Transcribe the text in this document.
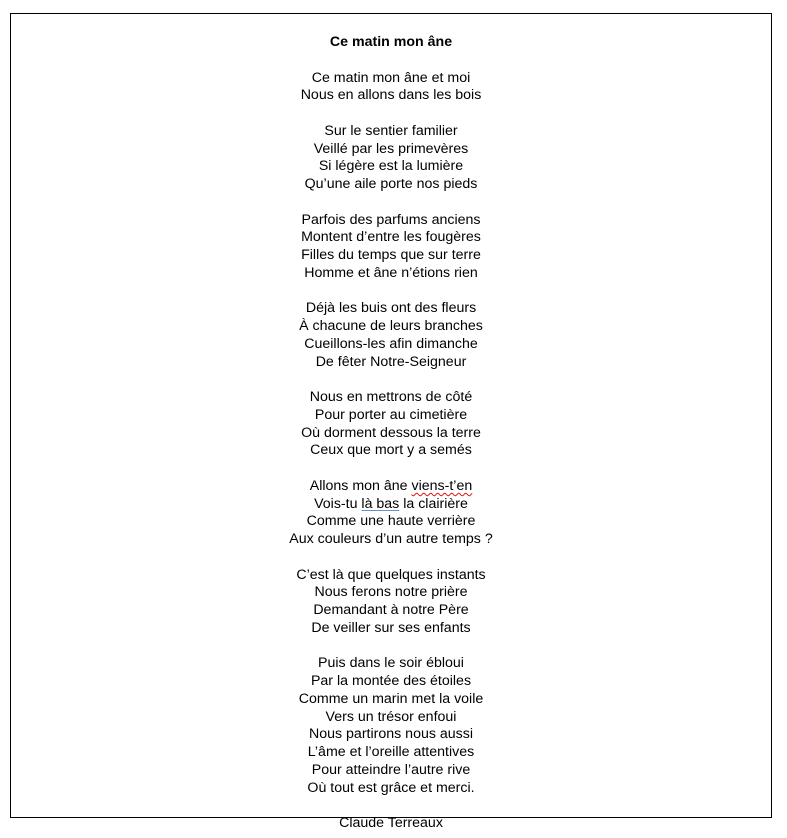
Ce matin mon âne
Ce matin mon âne et moi
Nous en allons dans les bois
Sur le sentier familier
Veillé par les primevères
Si légère est la lumière
Qu’une aile porte nos pieds
Parfois des parfums anciens
Montent d’entre les fougères
Filles du temps que sur terre
Homme et âne n’étions rien
Déjà les buis ont des fleurs
À chacune de leurs branches
Cueillons-les afin dimanche
De fêter Notre-Seigneur
Nous en mettrons de côté
Pour porter au cimetière
Où dorment dessous la terre
Ceux que mort y a semés
Allons mon âne viens-t’en
Vois-tu là bas la clairière
Comme une haute verrière
Aux couleurs d’un autre temps ?
C’est là que quelques instants
Nous ferons notre prière
Demandant à notre Père
De veiller sur ses enfants
Puis dans le soir ébloui
Par la montée des étoiles
Comme un marin met la voile
Vers un trésor enfoui
Nous partirons nous aussi
L’âme et l’oreille attentives
Pour atteindre l’autre rive
Où tout est grâce et merci.
Claude Terreaux
